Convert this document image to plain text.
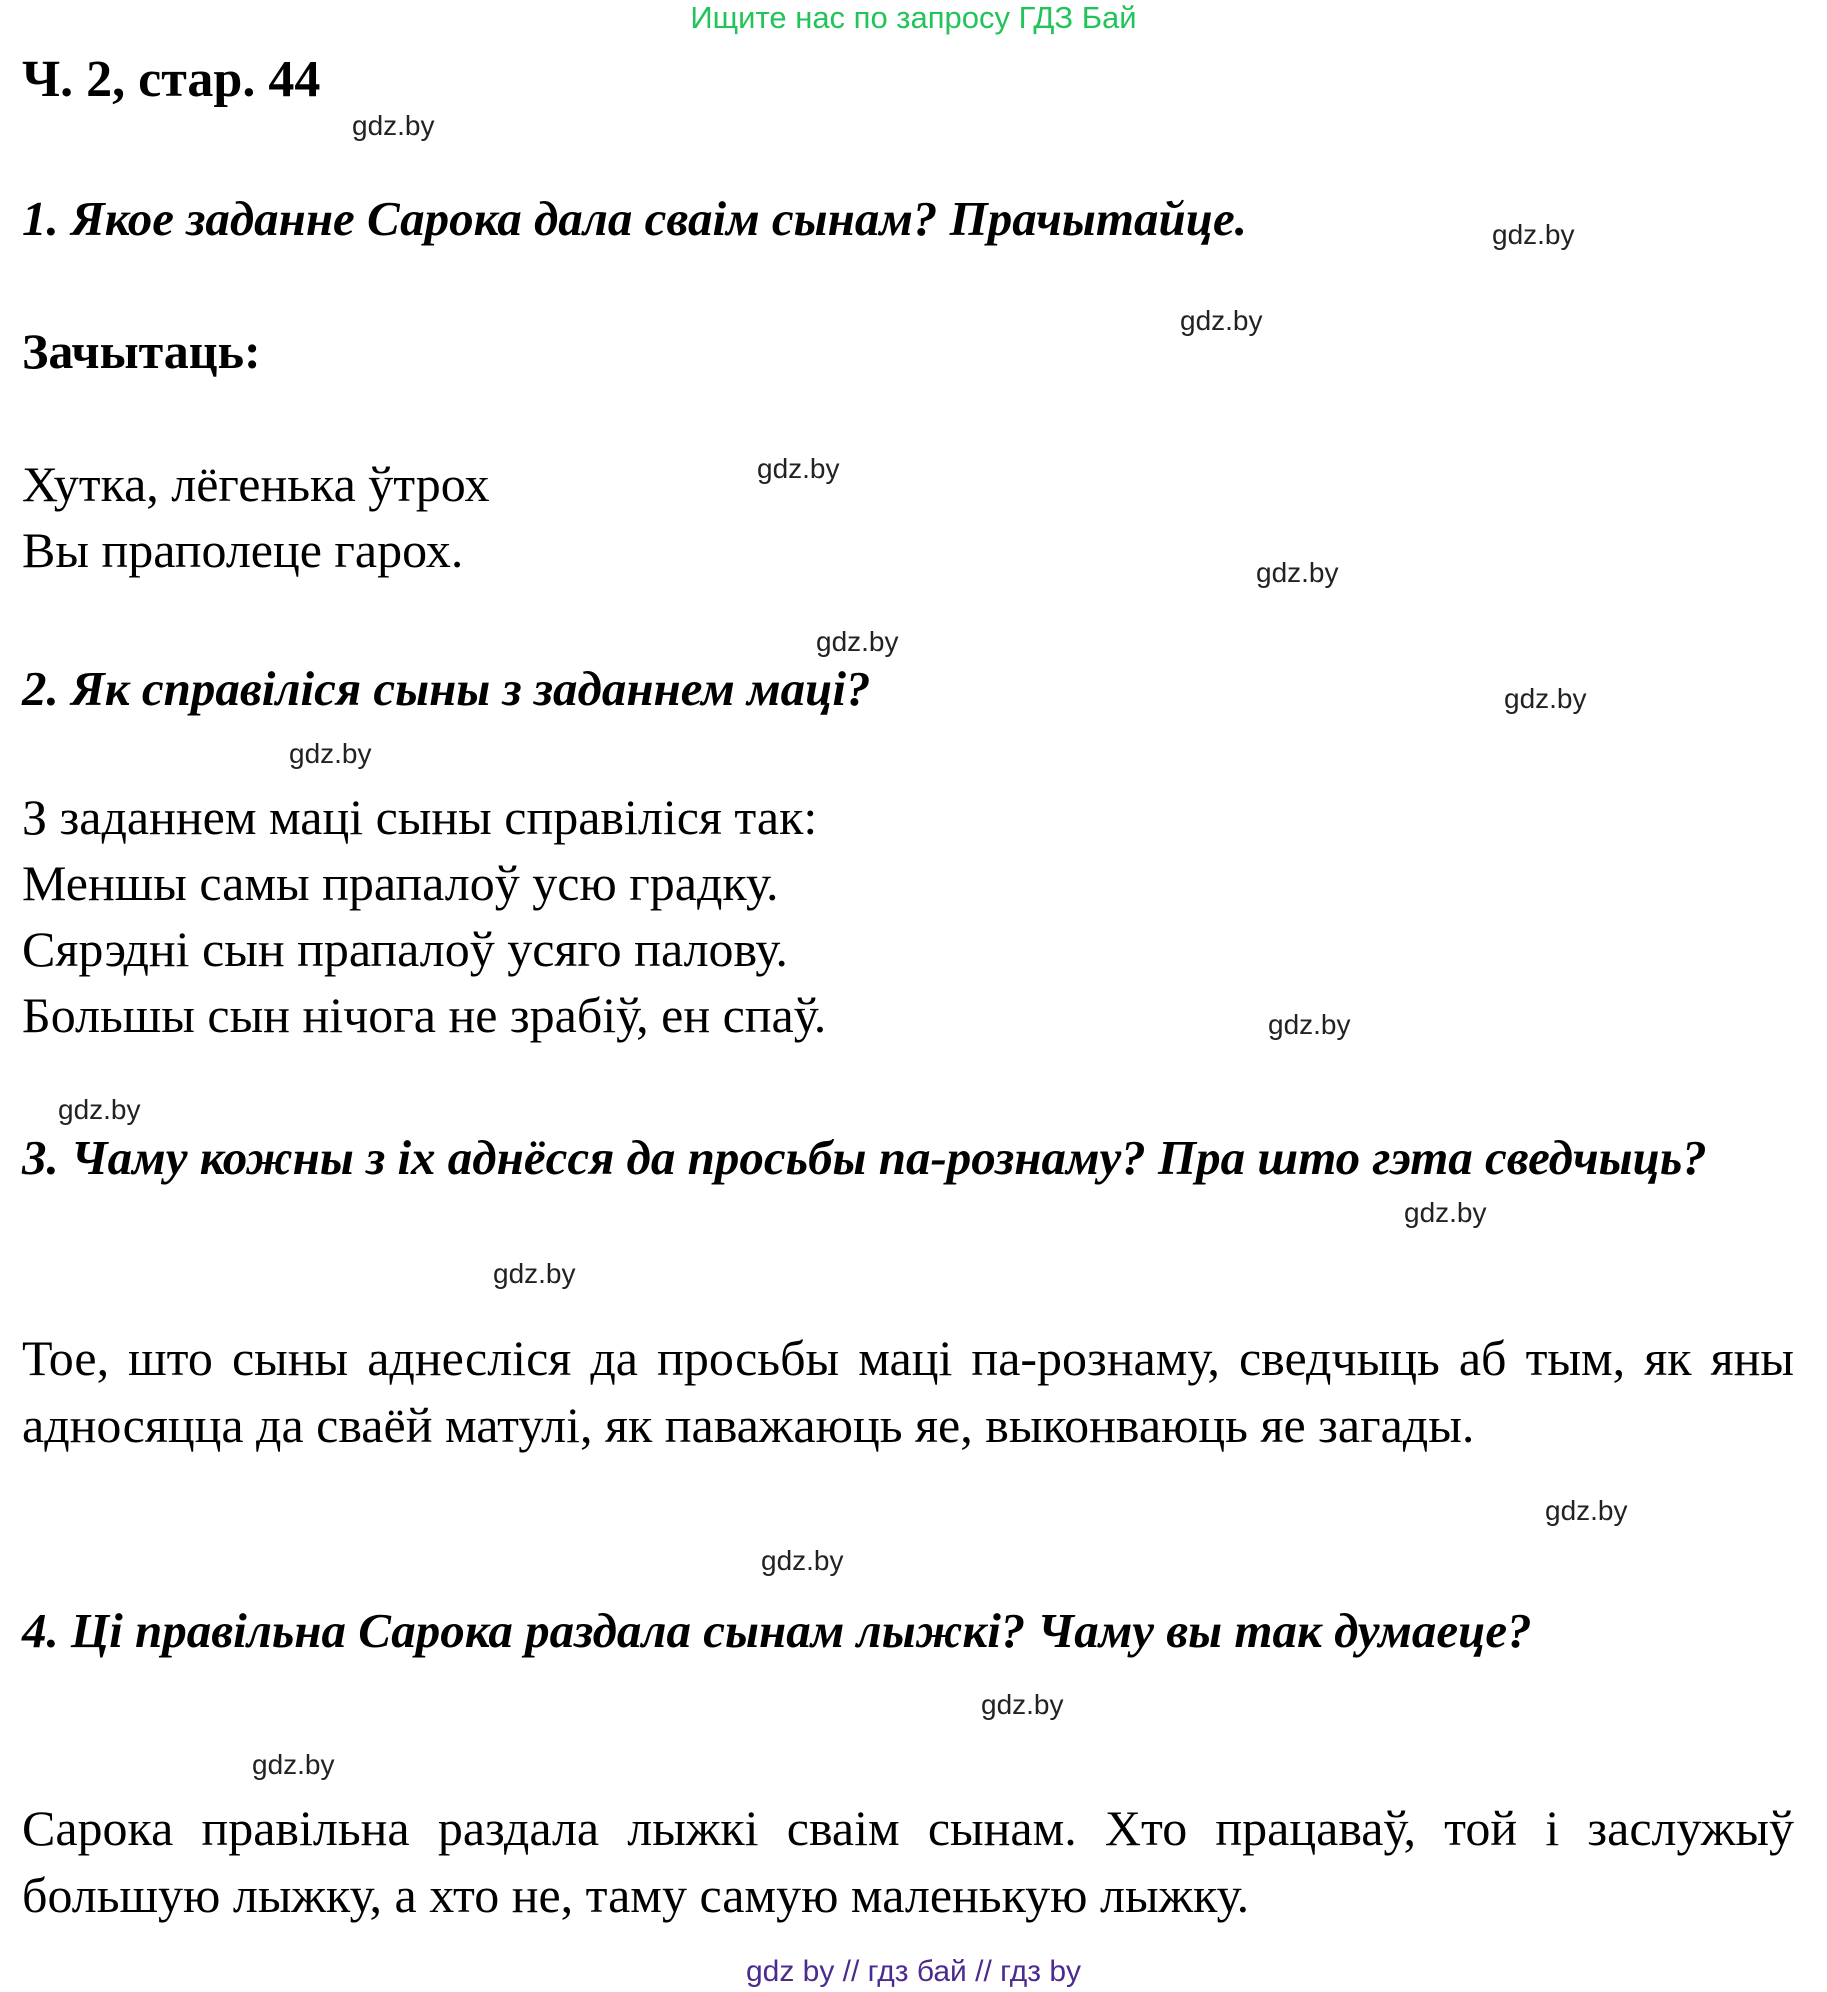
Ищите нас по запросу ГДЗ Бай
Ч. 2, стар. 44
1. Якое заданне Сарока дала сваім сынам? Прачытайце.
Зачытаць:
Хутка, лёгенька ўтрох
Вы праполеце гарох.
2. Як справіліся сыны з заданнем маці?
З заданнем маці сыны справіліся так:
Меншы самы прапалоў усю градку.
Сярэдні сын прапалоў усяго палову.
Большы сын нічога не зрабіў, ен спаў.
3. Чаму кожны з іх аднёсся да просьбы па-рознаму? Пра што гэта сведчыць?
Тое, што сыны аднесліся да просьбы маці па-рознаму, сведчыць аб тым, як яны адносяцца да сваёй матулі, як паважаюць яе, выконваюць яе загады.
4. Ці правільна Сарока раздала сынам лыжкі? Чаму вы так думаеце?
Сарока правільна раздала лыжкі сваім сынам. Хто працаваў, той і заслужыў большую лыжку, а хто не, таму самую маленькую лыжку.
gdz.by
gdz.by
gdz.by
gdz.by
gdz.by
gdz.by
gdz.by
gdz.by
gdz.by
gdz.by
gdz.by
gdz.by
gdz.by
gdz.by
gdz.by
gdz.by
gdz by // гдз бай // гдз by
